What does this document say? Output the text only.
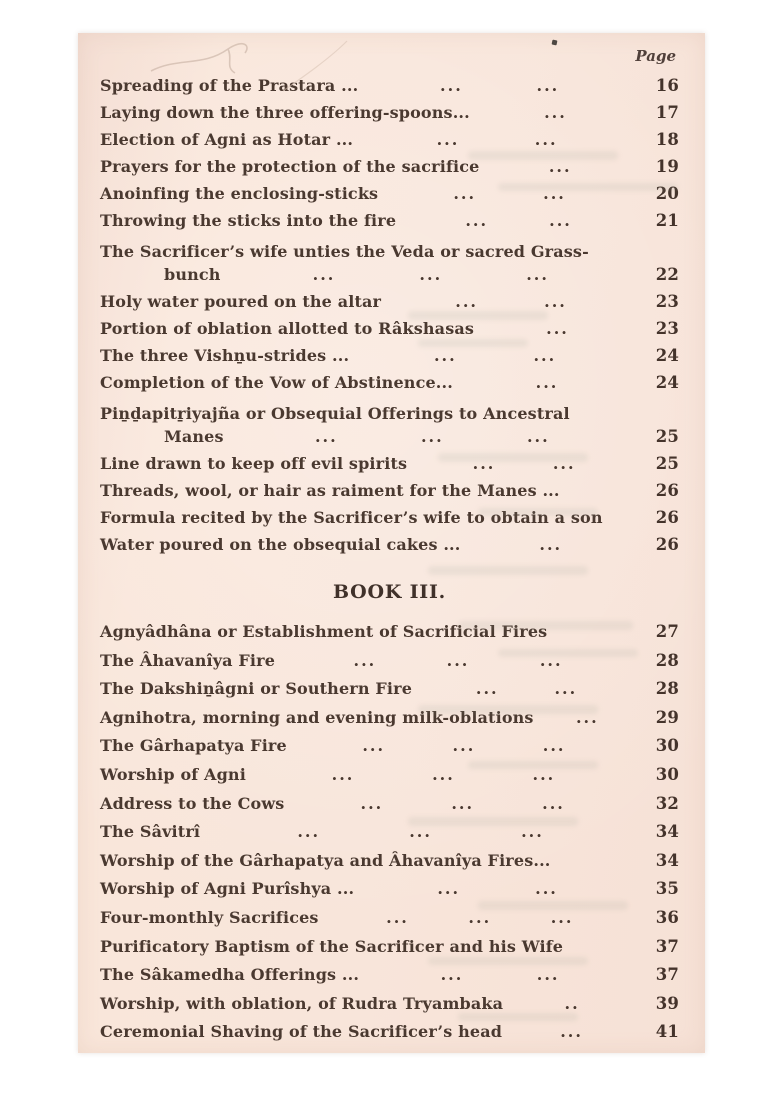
Page
Spreading of the Prastara ...	...	...	16
Laying down the three offering-spoons...	...	17
Election of Agni as Hotar ...	...	...	18
Prayers for the protection of the sacrifice	...	19
Anoinfing the enclosing-sticks	...	...	20
Throwing the sticks into the fire	...	...	21
The Sacrificer’s wife unties the Veda or sacred Grass-
bunch	...	...	...	22
Holy water poured on the altar	...	...	23
Portion of oblation allotted to Râkshasas	...	23
The three Vishṉu-strides ...	...	...	24
Completion of the Vow of Abstinence...	...	24
Piṉḏapitṟiyajña or Obsequial Offerings to Ancestral
Manes	...	...	...	25
Line drawn to keep off evil spirits	...	...	25
Threads, wool, or hair as raiment for the Manes ...	26
Formula recited by the Sacrificer’s wife to obtain a son	26
Water poured on the obsequial cakes ...	...	26
BOOK III.
Agnyâdhâna or Establishment of Sacrificial Fires	27
The Âhavanîya Fire	...	...	...	28
The Dakshiṉâgni or Southern Fire	...	...	28
Agnihotra, morning and evening milk-oblations	...	29
The Gârhapatya Fire	...	...	...	30
Worship of Agni	...	...	...	30
Address to the Cows	...	...	...	32
The Sâvitrî	...	...	...	34
Worship of the Gârhapatya and Âhavanîya Fires...	34
Worship of Agni Purîshya ...	...	...	35
Four-monthly Sacrifices	...	...	...	36
Purificatory Baptism of the Sacrificer and his Wife	37
The Sâkamedha Offerings ...	...	...	37
Worship, with oblation, of Rudra Tryambaka	..	39
Ceremonial Shaving of the Sacrificer’s head	...	41
